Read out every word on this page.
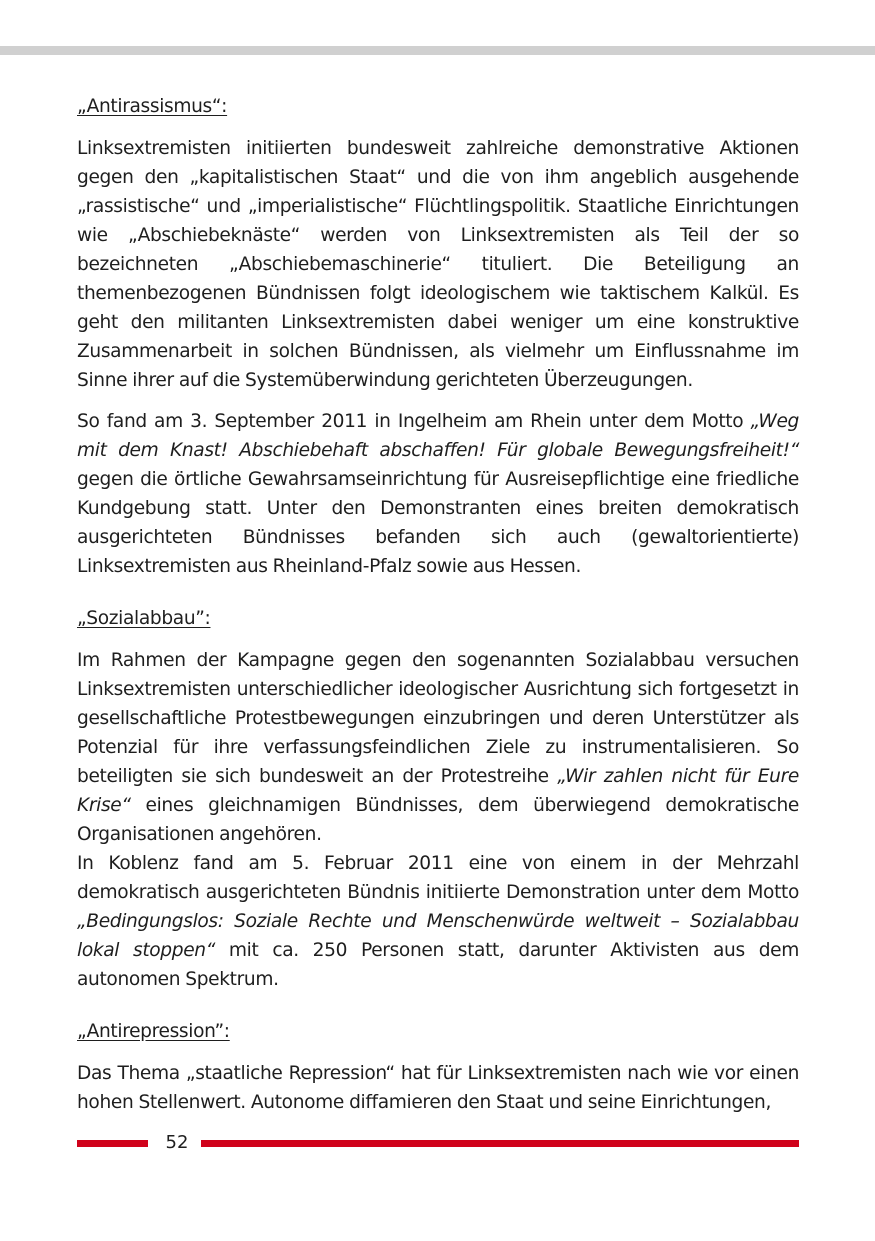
„Antirassismus“:

Linksextremisten initiierten bundesweit zahlreiche demonstrative Aktionen gegen den „kapitalistischen Staat“ und die von ihm angeblich ausgehende „rassistische“ und „imperialistische“ Flüchtlingspolitik. Staatliche Einrichtungen wie „Abschiebeknäste“ werden von Linksextremisten als Teil der so bezeichneten „Abschiebemaschinerie“ tituliert. Die Beteiligung an themenbezogenen Bündnissen folgt ideologischem wie taktischem Kalkül. Es geht den militanten Linksextremisten dabei weniger um eine konstruktive Zusammenarbeit in solchen Bündnissen, als vielmehr um Einflussnahme im Sinne ihrer auf die Systemüberwindung gerichteten Überzeugungen.

So fand am 3. September 2011 in Ingelheim am Rhein unter dem Motto „Weg mit dem Knast! Abschiebehaft abschaffen! Für globale Bewegungsfreiheit!“ gegen die örtliche Gewahrsamseinrichtung für Ausreisepflichtige eine friedliche Kundgebung statt. Unter den Demonstranten eines breiten demokratisch ausgerichteten Bündnisses befanden sich auch (gewaltorientierte) Linksextremisten aus Rheinland-Pfalz sowie aus Hessen.

„Sozialabbau”:

Im Rahmen der Kampagne gegen den sogenannten Sozialabbau versuchen Linksextremisten unterschiedlicher ideologischer Ausrichtung sich fortgesetzt in gesellschaftliche Protestbewegungen einzubringen und deren Unterstützer als Potenzial für ihre verfassungsfeindlichen Ziele zu instrumentalisieren. So beteiligten sie sich bundesweit an der Protestreihe „Wir zahlen nicht für Eure Krise“ eines gleichnamigen Bündnisses, dem überwiegend demokratische Organisationen angehören.

In Koblenz fand am 5. Februar 2011 eine von einem in der Mehrzahl demokratisch ausgerichteten Bündnis initiierte Demonstration unter dem Motto „Bedingungslos: Soziale Rechte und Menschenwürde weltweit – Sozialabbau lokal stoppen“ mit ca. 250 Personen statt, darunter Aktivisten aus dem autonomen Spektrum.

„Antirepression”:

Das Thema „staatliche Repression“ hat für Linksextremisten nach wie vor einen hohen Stellenwert. Autonome diffamieren den Staat und seine Einrichtungen,

52
